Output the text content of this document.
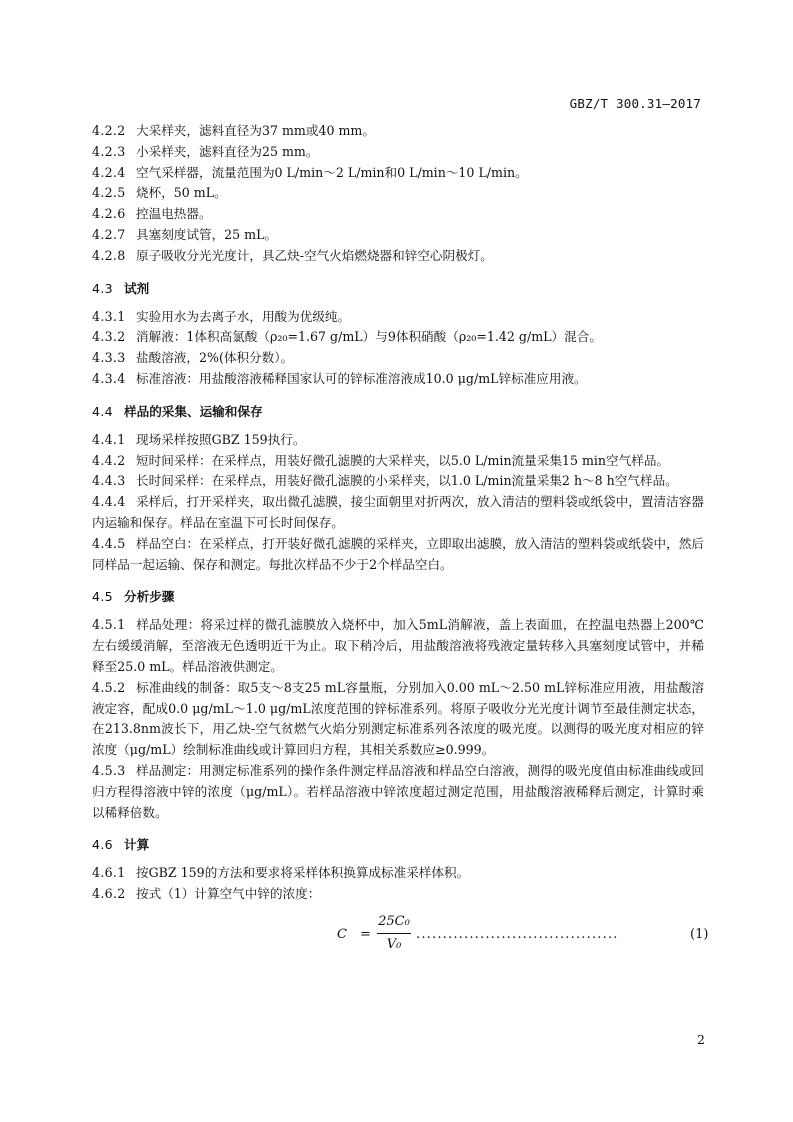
GBZ/T 300.31—2017

4.2.2 大采样夹，滤料直径为37 mm或40 mm。

4.2.3 小采样夹，滤料直径为25 mm。

4.2.4 空气采样器，流量范围为0 L/min～2 L/min和0 L/min～10 L/min。

4.2.5 烧杯，50 mL。

4.2.6 控温电热器。

4.2.7 具塞刻度试管，25 mL。

4.2.8 原子吸收分光光度计，具乙炔-空气火焰燃烧器和锌空心阴极灯。

4.3 试剂

4.3.1 实验用水为去离子水，用酸为优级纯。

4.3.2 消解液：1体积高氯酸（ρ₂₀=1.67 g/mL）与9体积硝酸（ρ₂₀=1.42 g/mL）混合。

4.3.3 盐酸溶液，2%(体积分数）。

4.3.4 标准溶液：用盐酸溶液稀释国家认可的锌标准溶液成10.0 μg/mL锌标准应用液。

4.4 样品的采集、运输和保存

4.4.1 现场采样按照GBZ 159执行。

4.4.2 短时间采样：在采样点，用装好微孔滤膜的大采样夹，以5.0 L/min流量采集15 min空气样品。

4.4.3 长时间采样：在采样点，用装好微孔滤膜的小采样夹，以1.0 L/min流量采集2 h～8 h空气样品。

4.4.4 采样后，打开采样夹，取出微孔滤膜，接尘面朝里对折两次，放入清洁的塑料袋或纸袋中，置清洁容器内运输和保存。样品在室温下可长时间保存。

4.4.5 样品空白：在采样点，打开装好微孔滤膜的采样夹，立即取出滤膜，放入清洁的塑料袋或纸袋中，然后同样品一起运输、保存和测定。每批次样品不少于2个样品空白。

4.5 分析步骤

4.5.1 样品处理：将采过样的微孔滤膜放入烧杯中，加入5mL消解液，盖上表面皿，在控温电热器上200℃左右缓缓消解，至溶液无色透明近干为止。取下稍冷后，用盐酸溶液将残液定量转移入具塞刻度试管中，并稀释至25.0 mL。样品溶液供测定。

4.5.2 标准曲线的制备：取5支～8支25 mL容量瓶，分别加入0.00 mL～2.50 mL锌标准应用液，用盐酸溶液定容，配成0.0 μg/mL～1.0 μg/mL浓度范围的锌标准系列。将原子吸收分光光度计调节至最佳测定状态，在213.8nm波长下，用乙炔-空气贫燃气火焰分别测定标准系列各浓度的吸光度。以测得的吸光度对相应的锌浓度（μg/mL）绘制标准曲线或计算回归方程，其相关系数应≥0.999。

4.5.3 样品测定：用测定标准系列的操作条件测定样品溶液和样品空白溶液，测得的吸光度值由标准曲线或回归方程得溶液中锌的浓度（μg/mL）。若样品溶液中锌浓度超过测定范围，用盐酸溶液稀释后测定，计算时乘以稀释倍数。

4.6 计算

4.6.1 按GBZ 159的方法和要求将采样体积换算成标准采样体积。

4.6.2 按式（1）计算空气中锌的浓度：

C =
25C₀
V₀
......................................	(1)
2
